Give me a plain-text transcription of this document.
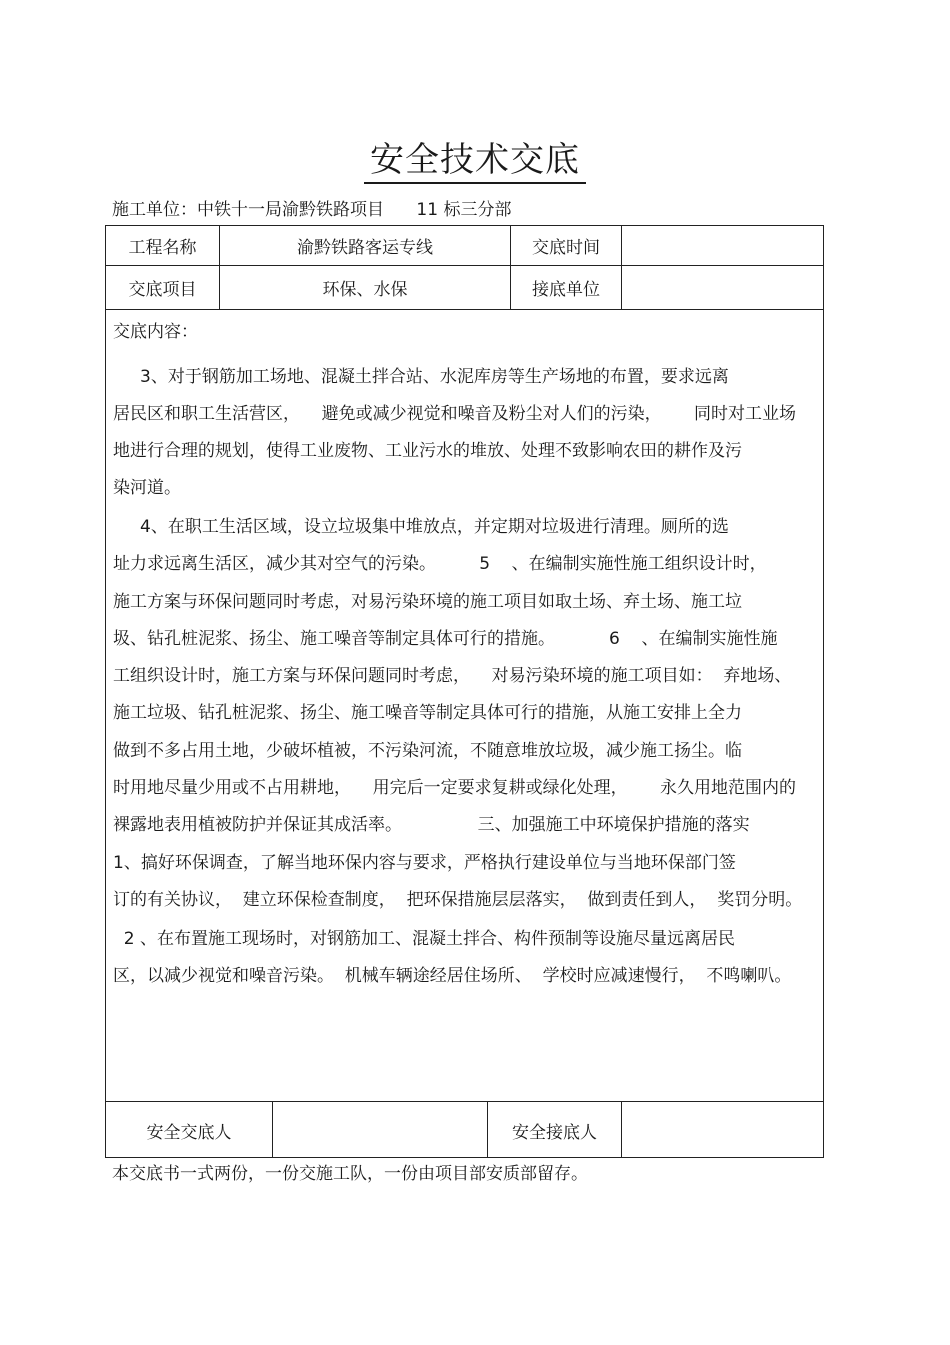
安全技术交底
施工单位：中铁十一局渝黔铁路项目      11 标三分部
工程名称	渝黔铁路客运专线	交底时间
交底项目	环保、水保	接底单位
交底内容：
3、对于钢筋加工场地、混凝土拌合站、水泥库房等生产场地的布置，要求远离
居民区和职工生活营区，    避免或减少视觉和噪音及粉尘对人们的污染，      同时对工业场
地进行合理的规划，使得工业废物、工业污水的堆放、处理不致影响农田的耕作及污
染河道。
4、在职工生活区域，设立垃圾集中堆放点，并定期对垃圾进行清理。厕所的选
址力求远离生活区，减少其对空气的污染。        5    、在编制实施性施工组织设计时，
施工方案与环保问题同时考虑，对易污染环境的施工项目如取土场、弃土场、施工垃
圾、钻孔桩泥浆、扬尘、施工噪音等制定具体可行的措施。          6    、在编制实施性施
工组织设计时，施工方案与环保问题同时考虑，    对易污染环境的施工项目如：  弃地场、
施工垃圾、钻孔桩泥浆、扬尘、施工噪音等制定具体可行的措施，从施工安排上全力
做到不多占用土地，少破坏植被，不污染河流，不随意堆放垃圾，减少施工扬尘。临
时用地尽量少用或不占用耕地，    用完后一定要求复耕或绿化处理，      永久用地范围内的
裸露地表用植被防护并保证其成活率。              三、加强施工中环境保护措施的落实
1、搞好环保调查，了解当地环保内容与要求，严格执行建设单位与当地环保部门签
订的有关协议，  建立环保检查制度，  把环保措施层层落实，  做到责任到人，  奖罚分明。
2 、在布置施工现场时，对钢筋加工、混凝土拌合、构件预制等设施尽量远离居民
区，以减少视觉和噪音污染。  机械车辆途经居住场所、  学校时应减速慢行，  不鸣喇叭。
安全交底人	安全接底人
本交底书一式两份，一份交施工队，一份由项目部安质部留存。
